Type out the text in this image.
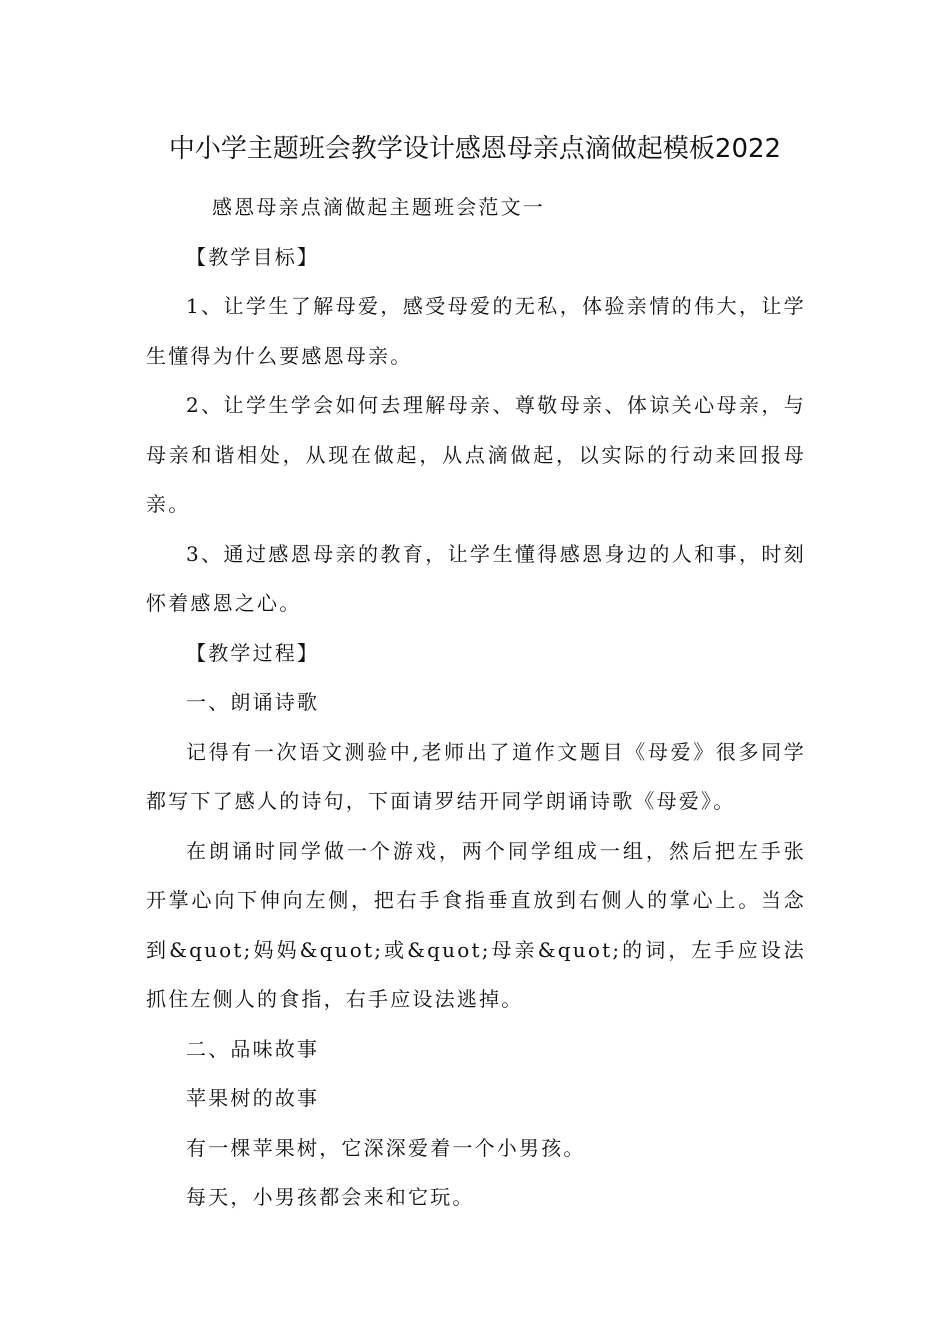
中小学主题班会教学设计感恩母亲点滴做起模板2022

感恩母亲点滴做起主题班会范文一

【教学目标】

1、让学生了解母爱，感受母爱的无私，体验亲情的伟大，让学生懂得为什么要感恩母亲。

2、让学生学会如何去理解母亲、尊敬母亲、体谅关心母亲，与母亲和谐相处，从现在做起，从点滴做起，以实际的行动来回报母亲。

3、通过感恩母亲的教育，让学生懂得感恩身边的人和事，时刻怀着感恩之心。

【教学过程】

一、朗诵诗歌

记得有一次语文测验中,老师出了道作文题目《母爱》很多同学都写下了感人的诗句，下面请罗结开同学朗诵诗歌《母爱》。

在朗诵时同学做一个游戏，两个同学组成一组，然后把左手张开掌心向下伸向左侧，把右手食指垂直放到右侧人的掌心上。当念到&quot;妈妈&quot;或&quot;母亲&quot;的词，左手应设法抓住左侧人的食指，右手应设法逃掉。

二、品味故事

苹果树的故事

有一棵苹果树，它深深爱着一个小男孩。

每天，小男孩都会来和它玩。
